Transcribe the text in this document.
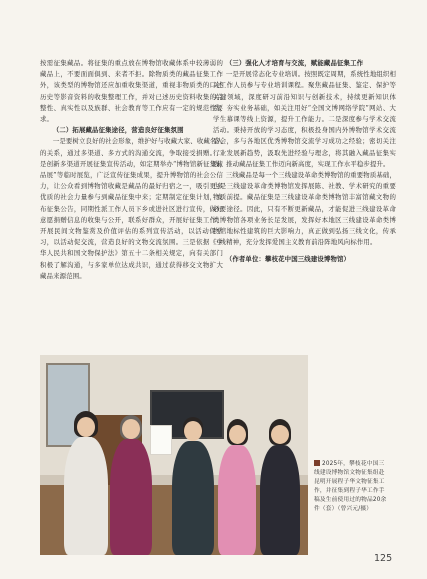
按需征集藏品。将征集的重点放在博物馆收藏体系中较薄弱的藏品上，不要面面俱到、来者不拒。除物质类的藏品征集工作外，该类型的博物馆还应加重收集渠道，重视非物质类的口述历史等影音资料的收集整理工作，并对已述历史资料收集的完整性、真实性以及族群、社会教育等工作应有一定的规范性要求。

（二）拓展藏品征集途径，营造良好征集氛围

一是要树立良好的社会形象，维护好与收藏大家、收藏名人的关系，通过多渠道、多方式的沟通交流，争取接受捐赠。二是创新多渠道开展征集宣传活动，如定期举办“博物馆新征集藏品展”等临时展览，广泛宣传征集成果，提升博物馆的社会公信力，让公众看到博物馆收藏是藏品的最好归宿之一，吸引更多优质的社会力量参与到藏品征集中来；定期制定征集计划，发布征集公告，同期性派工作人员下乡或进社区进行宣传，做好意愿捐赠信息的收集与公开，联系好群众，开展好征集工作；开展民间文物鉴赏及价值评估的系列宣传活动，以活动促学习，以活动促交流，营造良好的文物交流氛围。三是依据《中华人民共和国文物保护法》第五十二条相关规定，向有关部门积极了解沟通，与多家单位达成共识，通过获得移交文物扩大藏品来源范围。

（三）强化人才培育与交流，赋能藏品征集工作

一是开展常态化专业培训。按照既定周期，系统性地组织相关工作人员参与专业培训课程。聚焦藏品征集、鉴定、保护等关键领域，深度研习前沿知识与创新技术，持续更新知识体系，夯实业务基础，如关注用好“全国文博网络学院”网站、大学生慕课等线上资源，提升工作能力。二是深度参与学术交流活动。秉持开放的学习态度，积极投身国内外博物馆学术交流盛会，多与各地区优秀博物馆交流学习成功之经验；密切关注行业发展新趋势，汲取先进经验与理念，将其融入藏品征集实践，推动藏品征集工作迈向新高度，实现工作水平稳步提升。

三线藏品是每一个三线建设革命类博物馆的重要物质基础，也是三线建设革命类博物馆发挥展陈、社教、学术研究的重要物质前提。藏品征集是三线建设革命类博物馆丰富馆藏文物的必要途径。因此，只有不断更新藏品，才能促进三线建设革命类博物馆各项业务长足发展，发挥好本地区三线建设革命类博物馆地标性建筑的巨大影响力，真正做到弘扬三线文化，传承三线精神，充分发挥爱国主义教育前沿阵地风向标作用。

（作者单位：攀枝花中国三线建设博物馆）

2025年，攀枝花中国三线建设博物馆文物征集组赴昆明开展程子华文物征集工作，并征集到程子华工作手稿及生前使用过的物品20余件（套）（曾兴元/摄）
125
